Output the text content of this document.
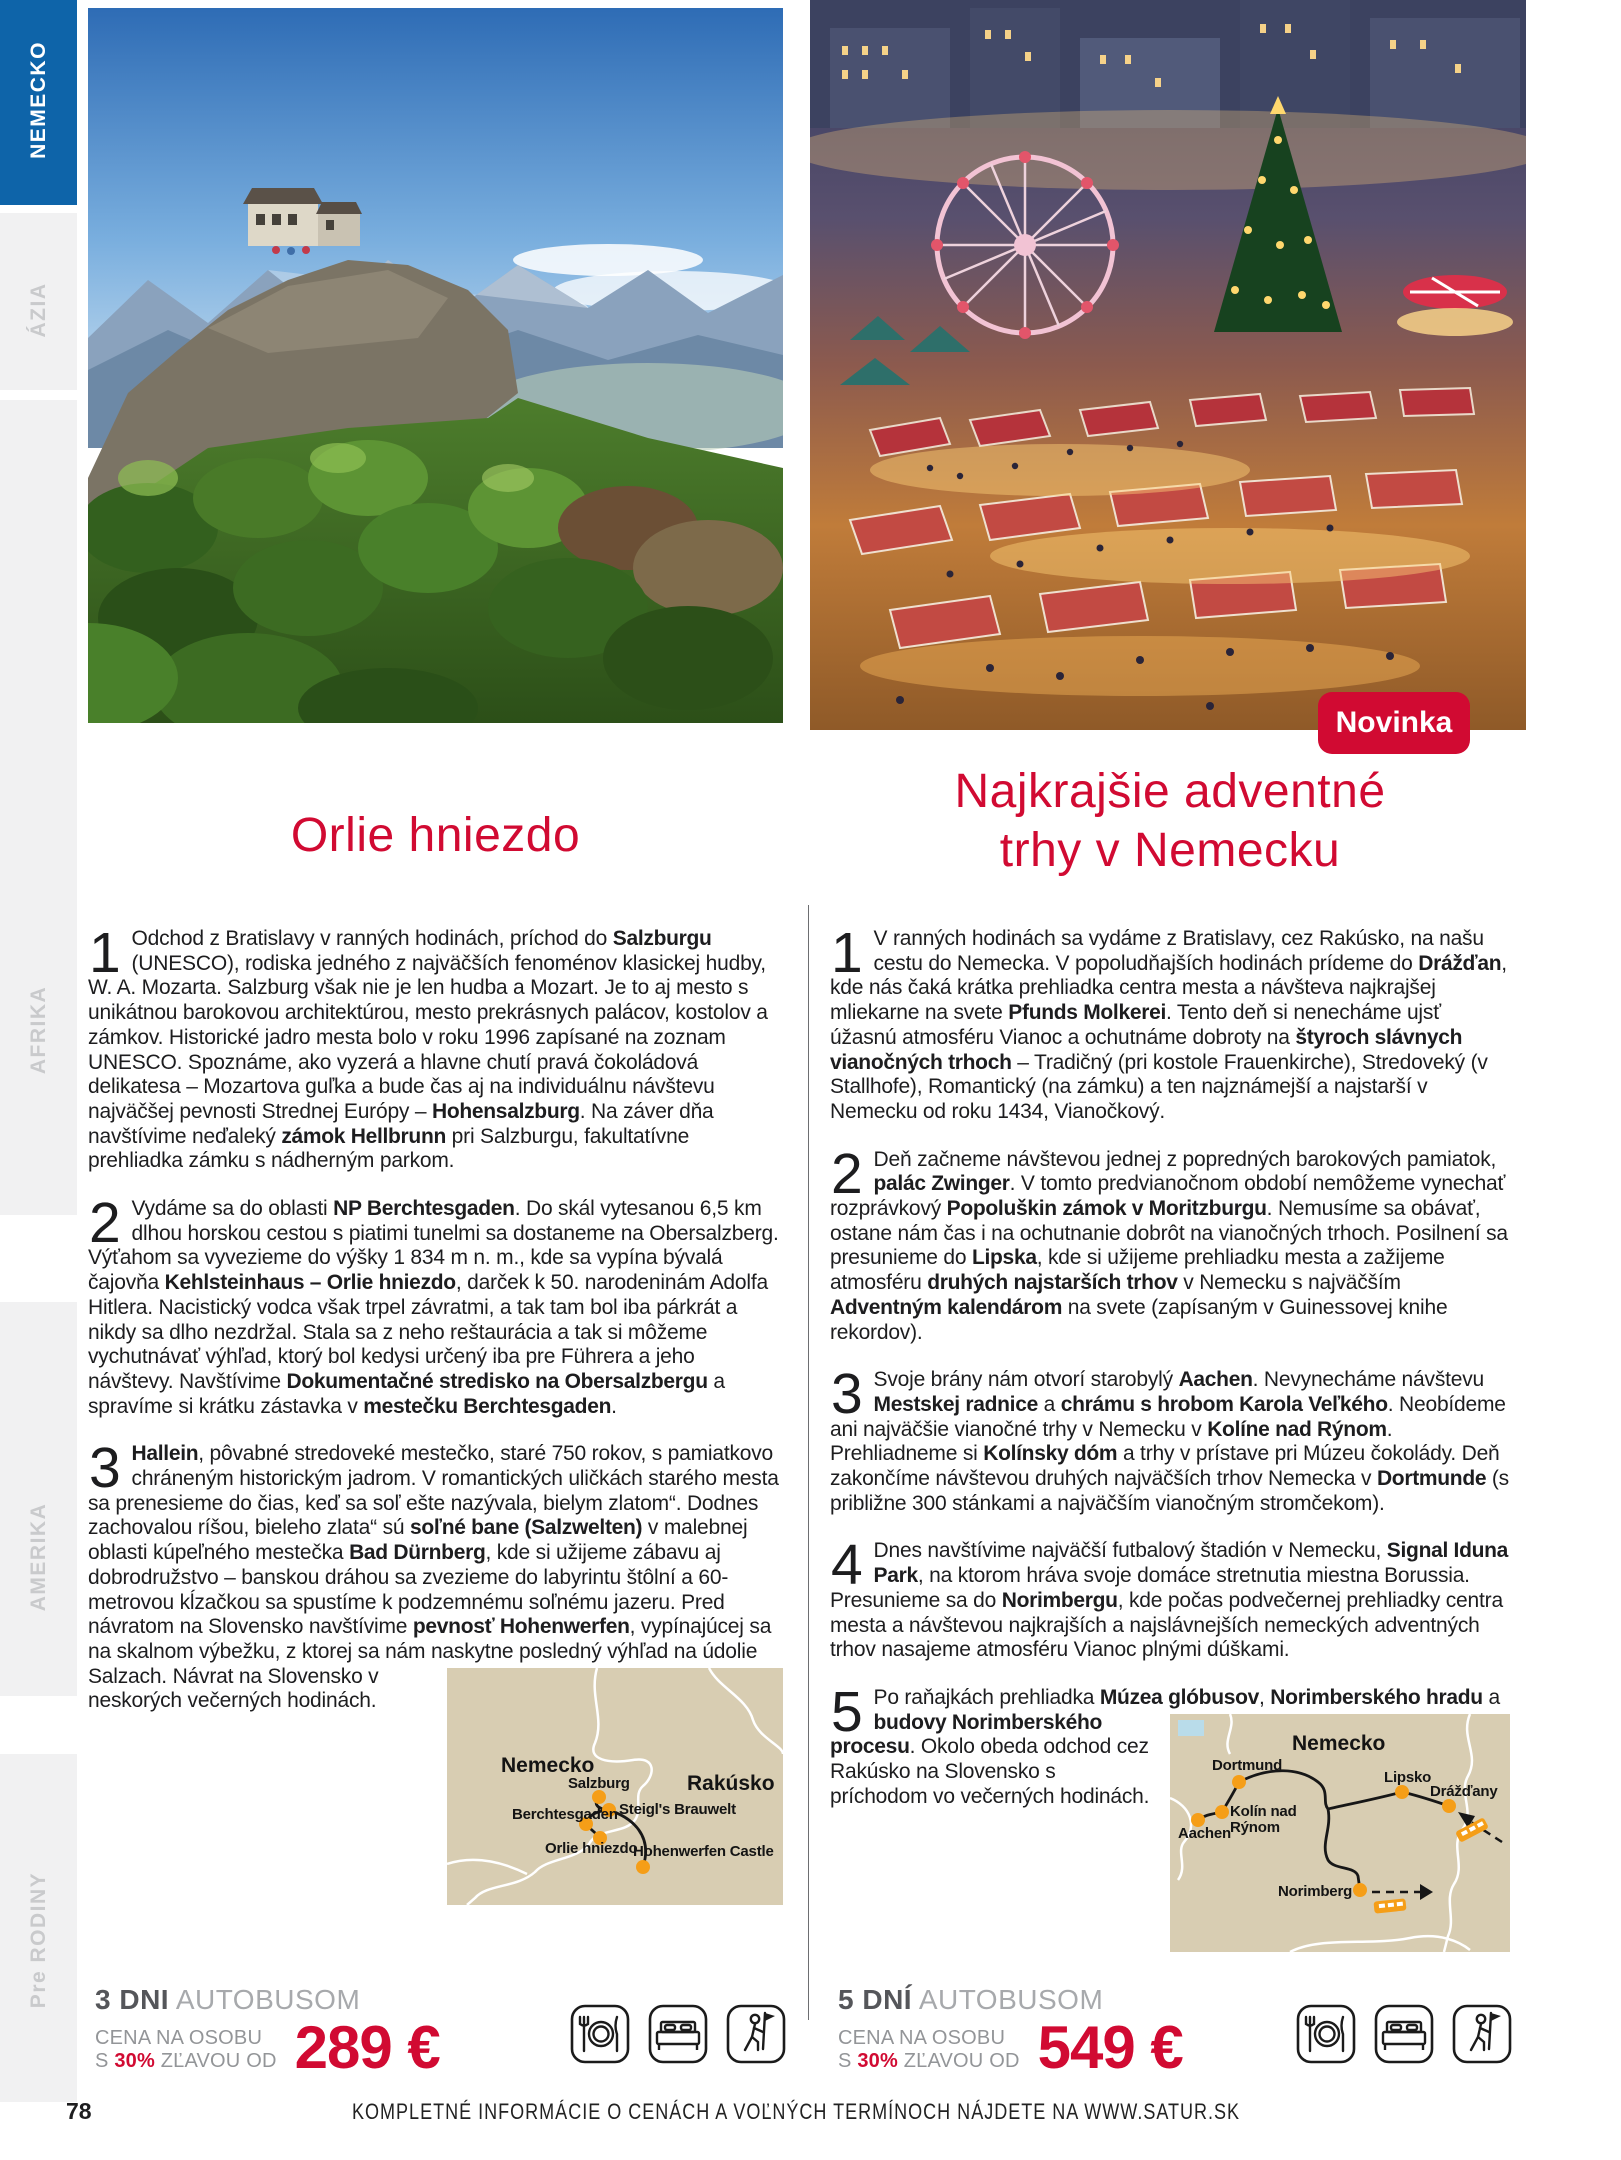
NEMECKO
ÁZIA
AFRIKA
AMERIKA
Pre RODINY
Novinka
Orlie hniezdo
Najkrajšie adventné
trhy v Nemecku

1 Odchod z Bratislavy v ranných hodinách, príchod do Salzburgu (UNESCO), rodiska jedného z najväčších fenoménov klasickej hudby, W. A. Mozarta. Salzburg však nie je len hudba a Mozart. Je to aj mesto s unikátnou barokovou architektúrou, mesto prekrásnych palácov, kostolov a zámkov. Historické jadro mesta bolo v roku 1996 zapísané na zoznam UNESCO. Spoznáme, ako vyzerá a hlavne chutí pravá čokoládová delikatesa – Mozartova guľka a bude čas aj na individuálnu návštevu najväčšej pevnosti Strednej Európy – Hohensalzburg. Na záver dňa navštívime neďaleký zámok Hellbrunn pri Salzburgu, fakultatívne prehliadka zámku s nádherným parkom.

2 Vydáme sa do oblasti NP Berchtesgaden. Do skál vytesanou 6,5 km dlhou horskou cestou s piatimi tunelmi sa dostaneme na Obersalzberg. Výťahom sa vyvezieme do výšky 1 834 m n. m., kde sa vypína bývalá čajovňa Kehlsteinhaus – Orlie hniezdo, darček k 50. narodeninám Adolfa Hitlera. Nacistický vodca však trpel závratmi, a tak tam bol iba párkrát a nikdy sa dlho nezdržal. Stala sa z neho reštaurácia a tak si môžeme vychutnávať výhľad, ktorý bol kedysi určený iba pre Führera a jeho návštevy. Navštívime Dokumentačné stredisko na Obersalzbergu a spravíme si krátku zástavka v mestečku Berchtesgaden.

3 Hallein, pôvabné stredoveké mestečko, staré 750 rokov, s pamiatkovo chráneným historickým jadrom. V romantických uličkách starého mesta sa prenesieme do čias, keď sa soľ ešte nazývala, bielym zlatom“. Dodnes zachovalou ríšou, bieleho zlata“ sú soľné bane (Salzwelten) v malebnej oblasti kúpeľného mestečka Bad Dürnberg, kde si užijeme zábavu aj dobrodružstvo – banskou dráhou sa zvezieme do labyrintu štôlní a 60-metrovou kĺzačkou sa spustíme k podzemnému soľnému jazeru. Pred návratom na Slovensko navštívime pevnosť Hohenwerfen, vypínajúcej sa na skalnom výbežku, z ktorej sa nám naskytne posledný výhľad na
Nemecko
Rakúsko
Salzburg
Steigl's Brauwelt
Berchtesgaden
Orlie hniezdo
Hohenwerfen Castle
údolie Salzach. Návrat na Slovensko v neskorých večerných hodinách.

1 V ranných hodinách sa vydáme z Bratislavy, cez Rakúsko, na našu cestu do Nemecka. V popoludňajších hodinách prídeme do Drážďan, kde nás čaká krátka prehliadka centra mesta a návšteva najkrajšej mliekarne na svete Pfunds Molkerei. Tento deň si nenecháme ujsť úžasnú atmosféru Vianoc a ochutnáme dobroty na štyroch slávnych vianočných trhoch – Tradičný (pri kostole Frauenkirche), Stredoveký (v Stallhofe), Romantický (na zámku) a ten najznámejší a najstarší v Nemecku od roku 1434, Vianočkový.

2 Deň začneme návštevou jednej z popredných barokových pamiatok, palác Zwinger. V tomto predvianočnom období nemôžeme vynechať rozprávkový Popoluškin zámok v Moritzburgu. Nemusíme sa obávať, ostane nám čas i na ochutnanie dobrôt na vianočných trhoch. Posilnení sa presunieme do Lipska, kde si užijeme prehliadku mesta a zažijeme atmosféru druhých najstarších trhov v Nemecku s najväčším Adventným kalendárom na svete (zapísaným v Guinessovej knihe rekordov).

3 Svoje brány nám otvorí starobylý Aachen. Nevynecháme návštevu Mestskej radnice a chrámu s hrobom Karola Veľkého. Neobídeme ani najväčšie vianočné trhy v Nemecku v Kolíne nad Rýnom. Prehliadneme si Kolínsky dóm a trhy v prístave pri Múzeu čokolády. Deň zakončíme návštevou druhých najväčších trhov Nemecka v Dortmunde (s približne 300 stánkami a najväčším vianočným stromčekom).

4 Dnes navštívime najväčší futbalový štadión v Nemecku, Signal Iduna Park, na ktorom hráva svoje domáce stretnutia miestna Borussia. Presunieme sa do Norimbergu, kde počas podvečernej prehliadky centra mesta a návštevou najkrajších a najslávnejších nemeckých adventných trhov nasajeme atmosféru Vianoc plnými dúškami.

5 Po raňajkách prehliadka Múzea glóbusov, Norimberského hradu
Nemecko
Dortmund
Kolín nad Rýnom
Aachen
Lipsko
Drážďany
Norimberg
a budovy Norimberského procesu. Okolo obeda odchod cez Rakúsko na Slovensko s príchodom vo večerných hodinách.

3 DNI AUTOBUSOM
CENA NA OSOBU
S 30% ZĽAVOU OD 289 €
5 DNÍ AUTOBUSOM
CENA NA OSOBU
S 30% ZĽAVOU OD 549 €
78	KOMPLETNÉ INFORMÁCIE O CENÁCH A VOĽNÝCH TERMÍNOCH NÁJDETE NA WWW.SATUR.SK
